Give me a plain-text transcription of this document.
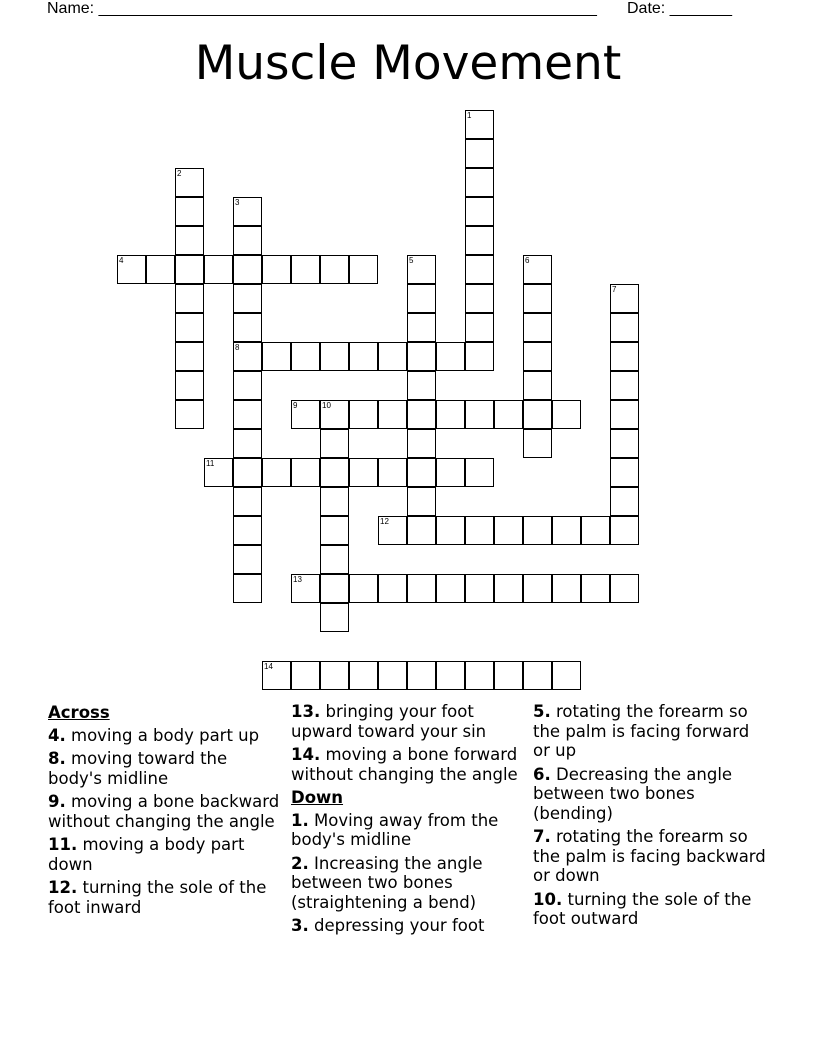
Name: ________________________________________________________ Date: _______
Muscle Movement
1
2
3
8
4	5	6
7
9	10
11
12
13
14
Across
4. moving a body part up
8. moving toward the body's midline
9. moving a bone backward without changing the angle
11. moving a body part down
12. turning the sole of the foot inward
13. bringing your foot upward toward your sin
14. moving a bone forward without changing the angle
Down
1. Moving away from the body's midline
2. Increasing the angle between two bones (straightening a bend)
3. depressing your foot
5. rotating the forearm so the palm is facing forward or up
6. Decreasing the angle between two bones (bending)
7. rotating the forearm so the palm is facing backward or down
10. turning the sole of the foot outward
